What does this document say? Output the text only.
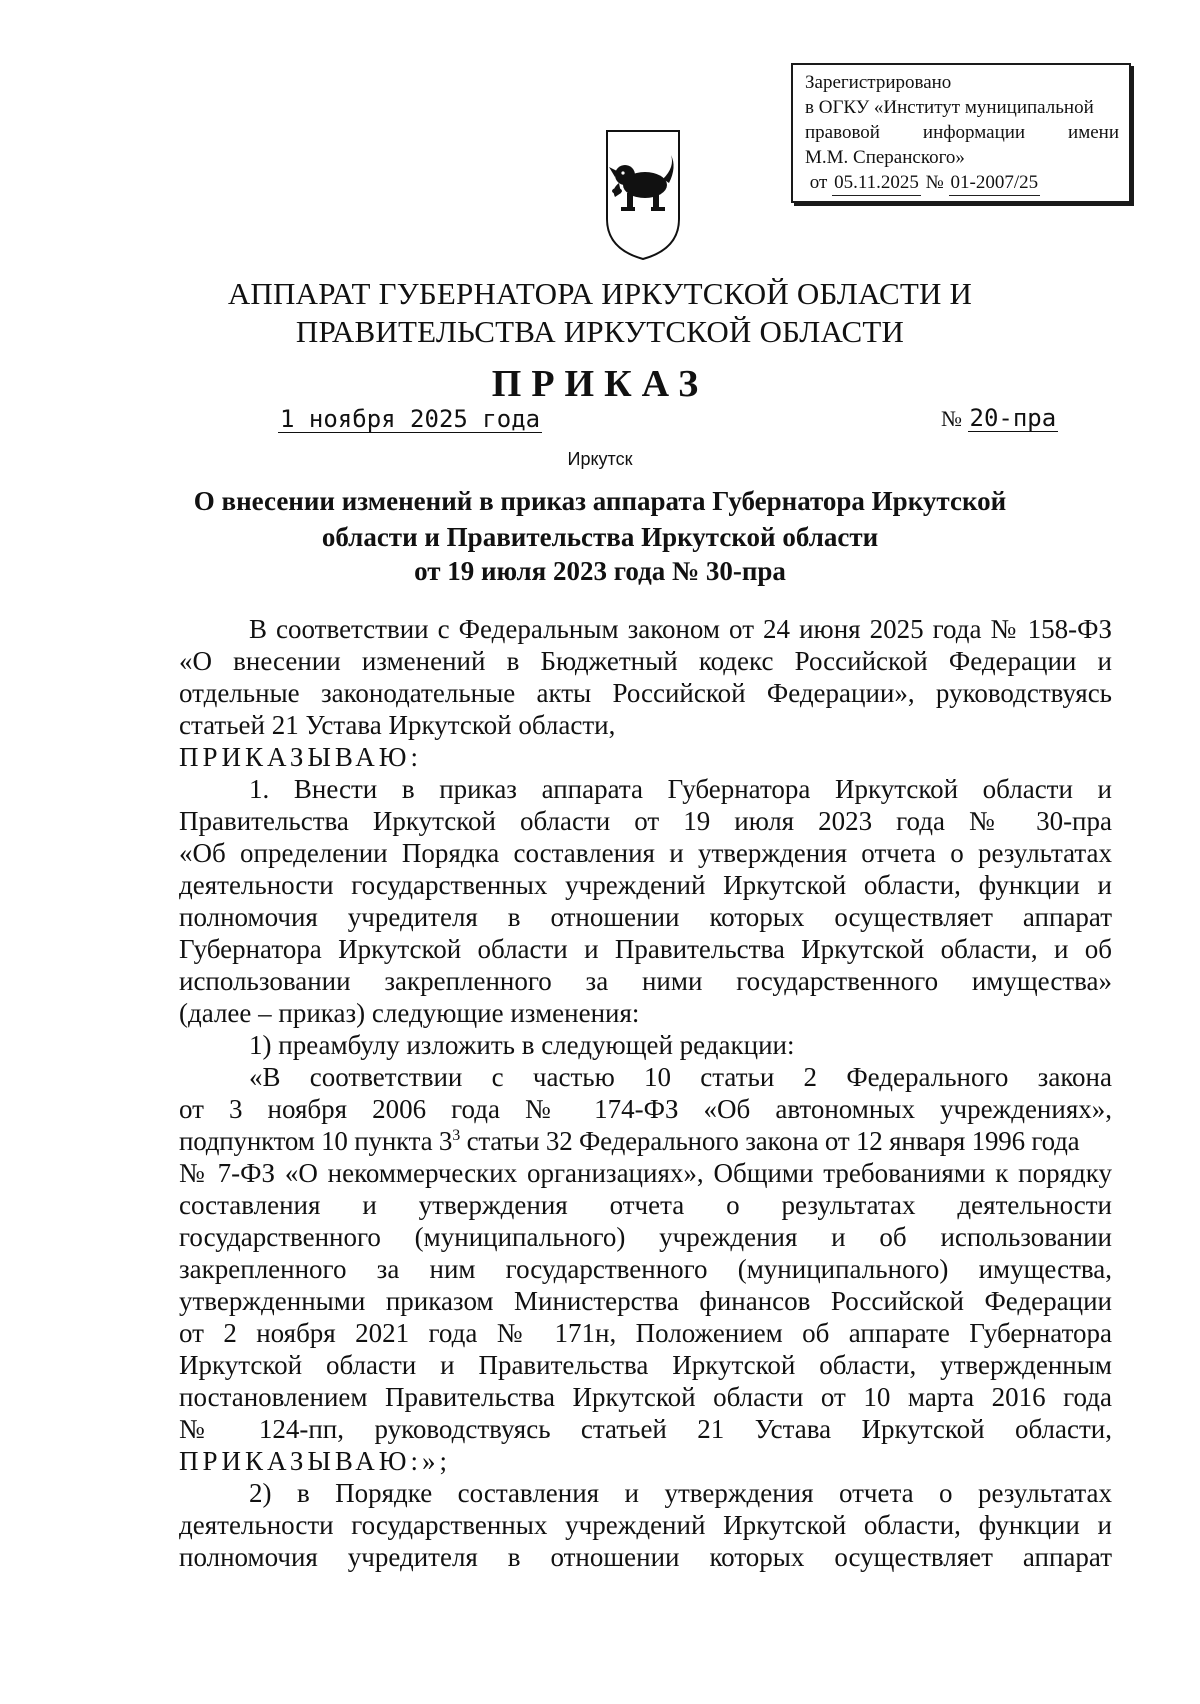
Зарегистрировано
в ОГКУ «Институт муниципальной
правовой информации имени
М.М. Сперанского»
от 05.11.2025 № 01-2007/25
АППАРАТ ГУБЕРНАТОРА ИРКУТСКОЙ ОБЛАСТИ И
ПРАВИТЕЛЬСТВА ИРКУТСКОЙ ОБЛАСТИ
ПРИКАЗ
1 ноября 2025 года	№ 20-пра
Иркутск
О внесении изменений в приказ аппарата Губернатора Иркутской
области и Правительства Иркутской области
от 19 июля 2023 года № 30-пра
В соответствии с Федеральным законом от 24 июня 2025 года № 158-ФЗ
«О внесении изменений в Бюджетный кодекс Российской Федерации и
отдельные законодательные акты Российской Федерации», руководствуясь
статьей 21 Устава Иркутской области,
ПРИКАЗЫВАЮ:
1. Внести в приказ аппарата Губернатора Иркутской области и
Правительства Иркутской области от 19 июля 2023 года № 30-пра
«Об определении Порядка составления и утверждения отчета о результатах
деятельности государственных учреждений Иркутской области, функции и
полномочия учредителя в отношении которых осуществляет аппарат
Губернатора Иркутской области и Правительства Иркутской области, и об
использовании закрепленного за ними государственного имущества»
(далее – приказ) следующие изменения:
1) преамбулу изложить в следующей редакции:
«В соответствии с частью 10 статьи 2 Федерального закона
от 3 ноября 2006 года № 174-ФЗ «Об автономных учреждениях»,
подпунктом 10 пункта $3^3$ статьи 32 Федерального закона от 12 января 1996 года
№ 7-ФЗ «О некоммерческих организациях», Общими требованиями к порядку
составления и утверждения отчета о результатах деятельности
государственного (муниципального) учреждения и об использовании
закрепленного за ним государственного (муниципального) имущества,
утвержденными приказом Министерства финансов Российской Федерации
от 2 ноября 2021 года № 171н, Положением об аппарате Губернатора
Иркутской области и Правительства Иркутской области, утвержденным
постановлением Правительства Иркутской области от 10 марта 2016 года
№ 124-пп, руководствуясь статьей 21 Устава Иркутской области,
ПРИКАЗЫВАЮ:»;
2) в Порядке составления и утверждения отчета о результатах
деятельности государственных учреждений Иркутской области, функции и
полномочия учредителя в отношении которых осуществляет аппарат
